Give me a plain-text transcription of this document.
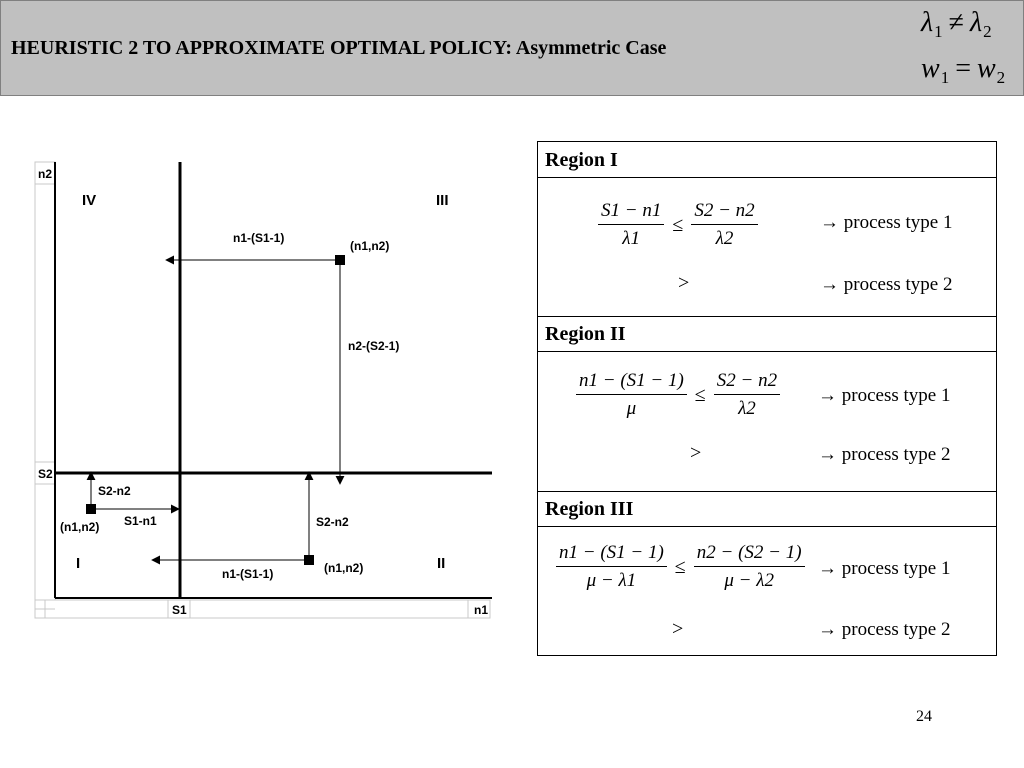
HEURISTIC 2 TO APPROXIMATE OPTIMAL POLICY: Asymmetric Case
$\lambda_1 \ne \lambda_2$
$w_1 = w_2$
n2
n1
S2
S1
IV	III
I	II
n1-(S1-1)
(n1,n2)
n2-(S2-1)
S2-n2
(n1,n2) S1-n1	S2-n2
n1-(S1-1)	(n1,n2)
Region I
$\frac{S1 - n1}{\lambda 1} \le \frac{S2 - n2}{\lambda 2}$	→ process type 1
>	→ process type 2
Region II
$\frac{n1 - (S1 - 1)}{\mu} \le \frac{S2 - n2}{\lambda 2}$ → process type 1
>	→ process type 2
Region III
$\frac{n1 - (S1 - 1)}{\mu - \lambda 1} \le \frac{n2 - (S2 - 1)}{\mu - \lambda 2}$ → process type 1
>	→ process type 2
24
